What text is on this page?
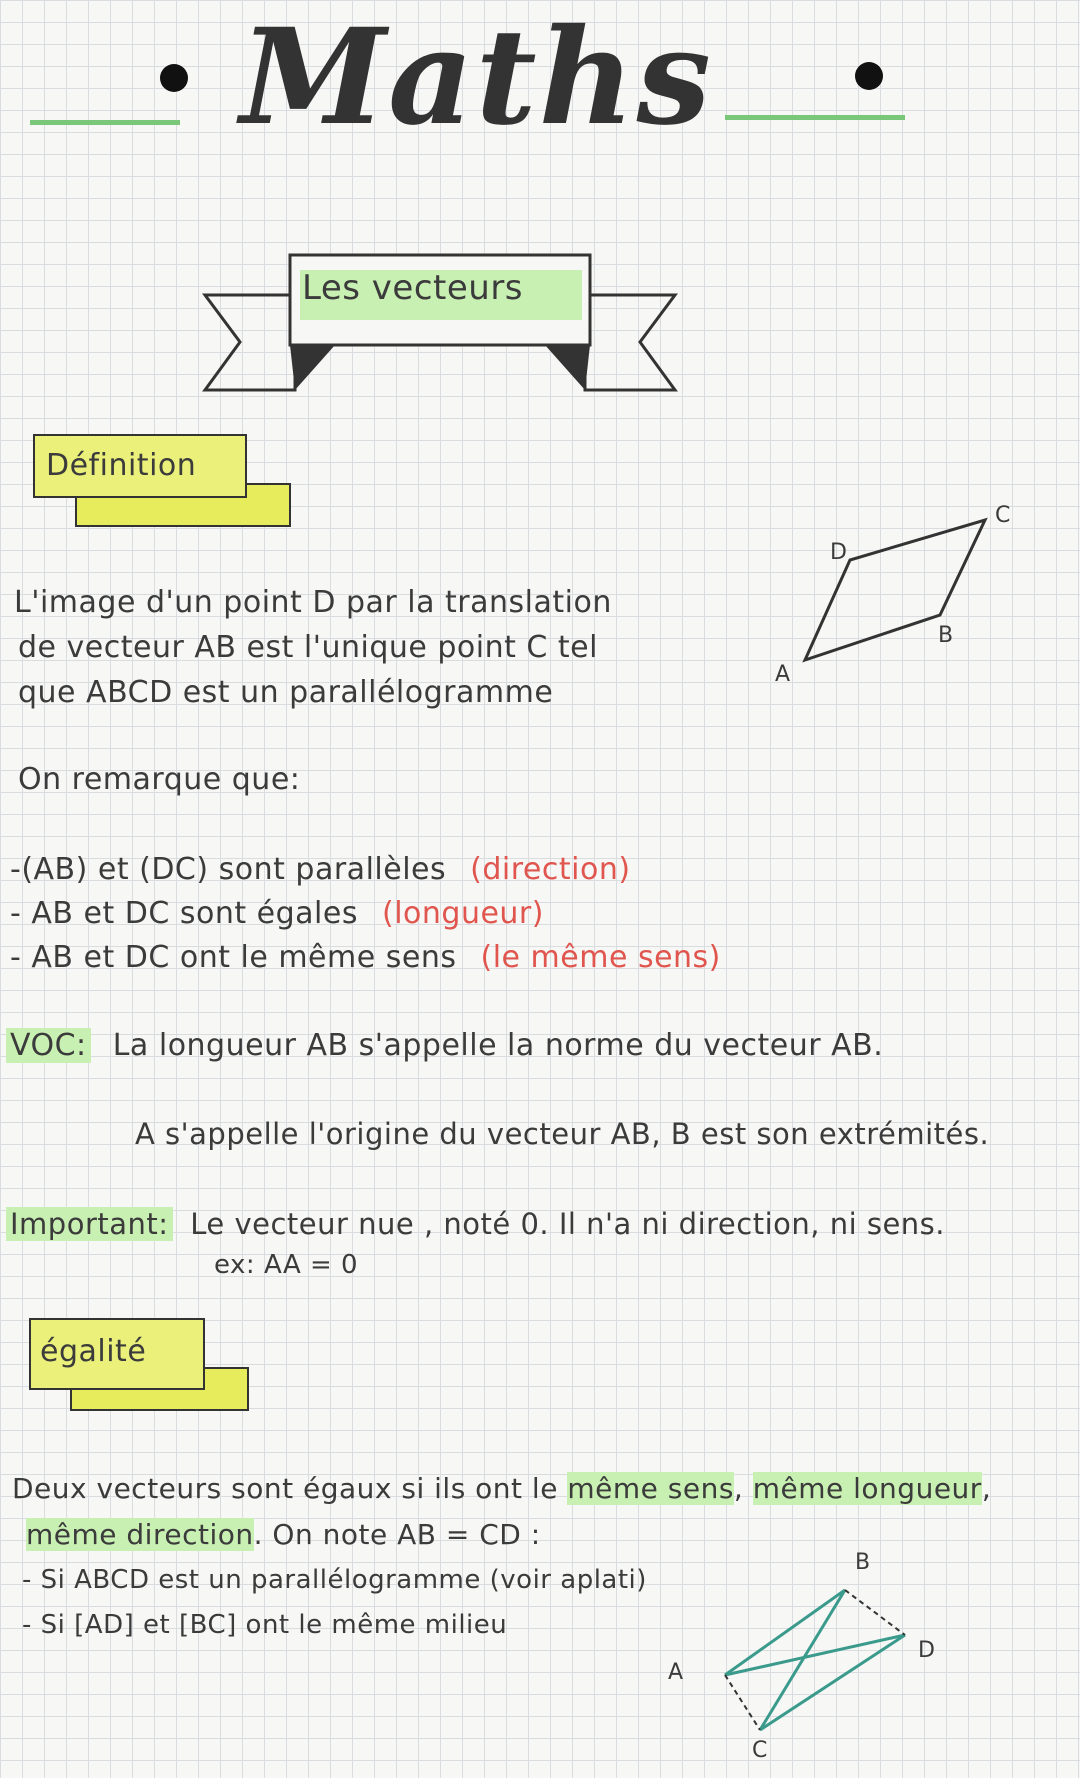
Maths
Les vecteurs
Définition
L'image d'un point D par la translation
de vecteur AB est l'unique point C tel
que ABCD est un parallélogramme
A
B
C
D
On remarque que:
-(AB) et (DC) sont parallèles (direction)
- AB et DC sont égales (longueur)
- AB et DC ont le même sens (le même sens)
VOC: La longueur AB s'appelle la norme du vecteur AB.
A s'appelle l'origine du vecteur AB, B est son extrémités.
Important: Le vecteur nue , noté 0. Il n'a ni direction, ni sens.
ex: AA = 0
égalité
Deux vecteurs sont égaux si ils ont le même sens, même longueur,
même direction. On note AB = CD :
- Si ABCD est un parallélogramme (voir aplati)
- Si [AD] et [BC] ont le même milieu
A
B
C
D
